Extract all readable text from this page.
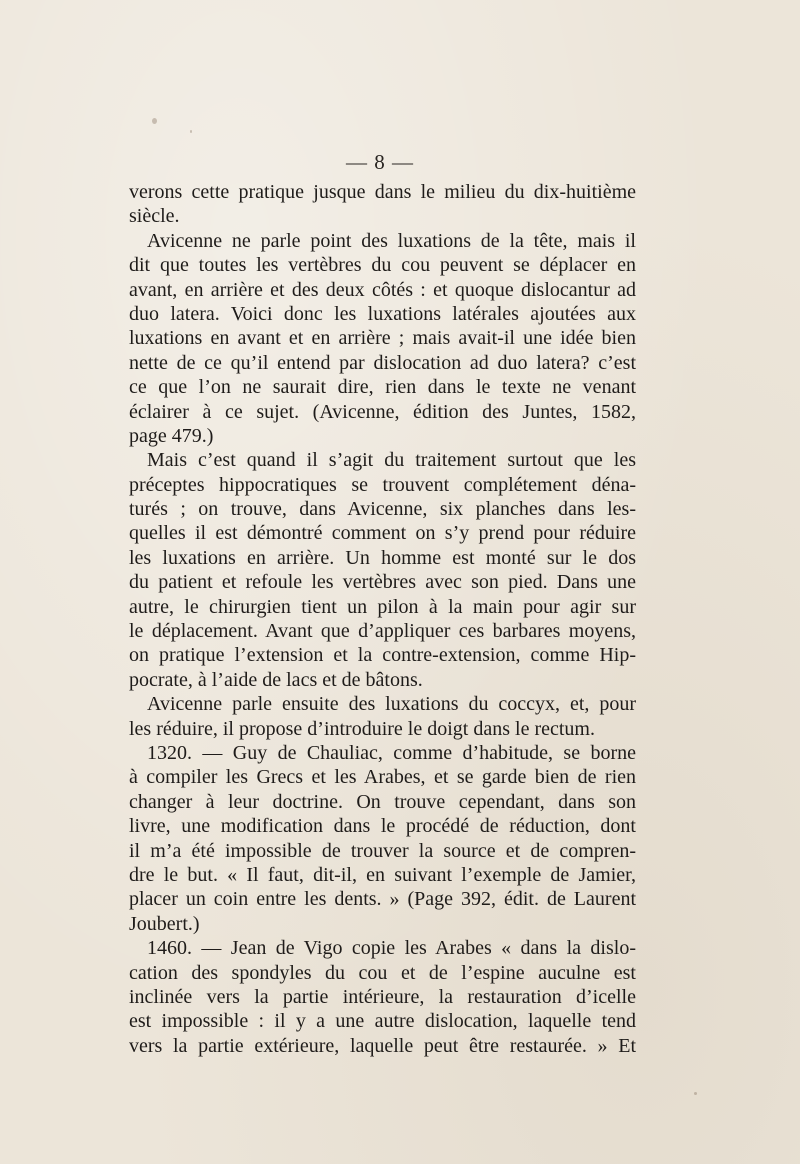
— 8 —
verons cette pratique jusque dans le milieu du dix-huitième
siècle.
Avicenne ne parle point des luxations de la tête, mais il
dit que toutes les vertèbres du cou peuvent se déplacer en
avant, en arrière et des deux côtés : et quoque dislocantur ad
duo latera. Voici donc les luxations latérales ajoutées aux
luxations en avant et en arrière ; mais avait-il une idée bien
nette de ce qu’il entend par dislocation ad duo latera? c’est
ce que l’on ne saurait dire, rien dans le texte ne venant
éclairer à ce sujet. (Avicenne, édition des Juntes, 1582,
page 479.)
Mais c’est quand il s’agit du traitement surtout que les
préceptes hippocratiques se trouvent complétement déna-
turés ; on trouve, dans Avicenne, six planches dans les-
quelles il est démontré comment on s’y prend pour réduire
les luxations en arrière. Un homme est monté sur le dos
du patient et refoule les vertèbres avec son pied. Dans une
autre, le chirurgien tient un pilon à la main pour agir sur
le déplacement. Avant que d’appliquer ces barbares moyens,
on pratique l’extension et la contre-extension, comme Hip-
pocrate, à l’aide de lacs et de bâtons.
Avicenne parle ensuite des luxations du coccyx, et, pour
les réduire, il propose d’introduire le doigt dans le rectum.
1320. — Guy de Chauliac, comme d’habitude, se borne
à compiler les Grecs et les Arabes, et se garde bien de rien
changer à leur doctrine. On trouve cependant, dans son
livre, une modification dans le procédé de réduction, dont
il m’a été impossible de trouver la source et de compren-
dre le but. « Il faut, dit-il, en suivant l’exemple de Jamier,
placer un coin entre les dents. » (Page 392, édit. de Laurent
Joubert.)
1460. — Jean de Vigo copie les Arabes « dans la dislo-
cation des spondyles du cou et de l’espine auculne est
inclinée vers la partie intérieure, la restauration d’icelle
est impossible : il y a une autre dislocation, laquelle tend
vers la partie extérieure, laquelle peut être restaurée. » Et
